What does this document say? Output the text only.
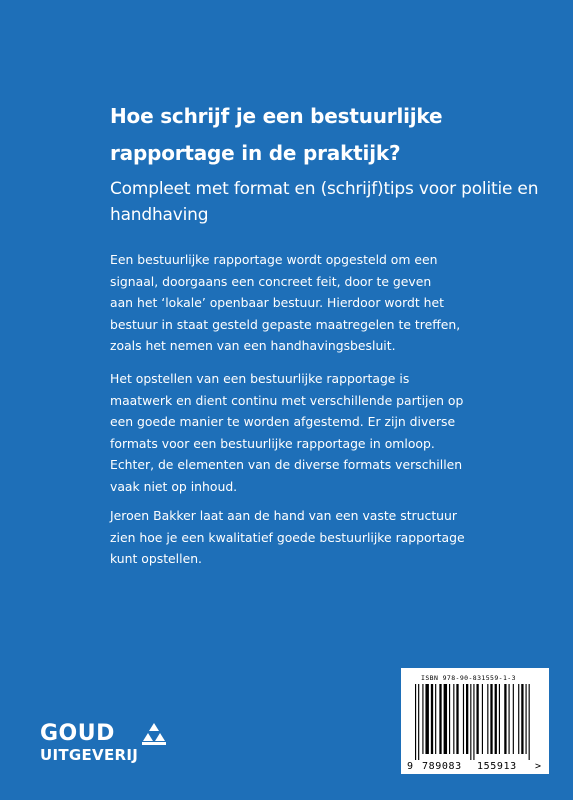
Hoe schrijf je een bestuurlijke rapportage in de praktijk?

Compleet met format en (schrijf)tips voor politie en handhaving

Een bestuurlijke rapportage wordt opgesteld om een
signaal, doorgaans een concreet feit, door te geven
aan het ‘lokale’ openbaar bestuur. Hierdoor wordt het
bestuur in staat gesteld gepaste maatregelen te treffen,
zoals het nemen van een handhavingsbesluit.

Het opstellen van een bestuurlijke rapportage is
maatwerk en dient continu met verschillende partijen op
een goede manier te worden afgestemd. Er zijn diverse
formats voor een bestuurlijke rapportage in omloop.
Echter, de elementen van de diverse formats verschillen
vaak niet op inhoud.

Jeroen Bakker laat aan de hand van een vaste structuur
zien hoe je een kwalitatief goede bestuurlijke rapportage
kunt opstellen.

ISBN 978-90-831559-1-3
9 789083 155913 >
GOUD
UITGEVERIJ
